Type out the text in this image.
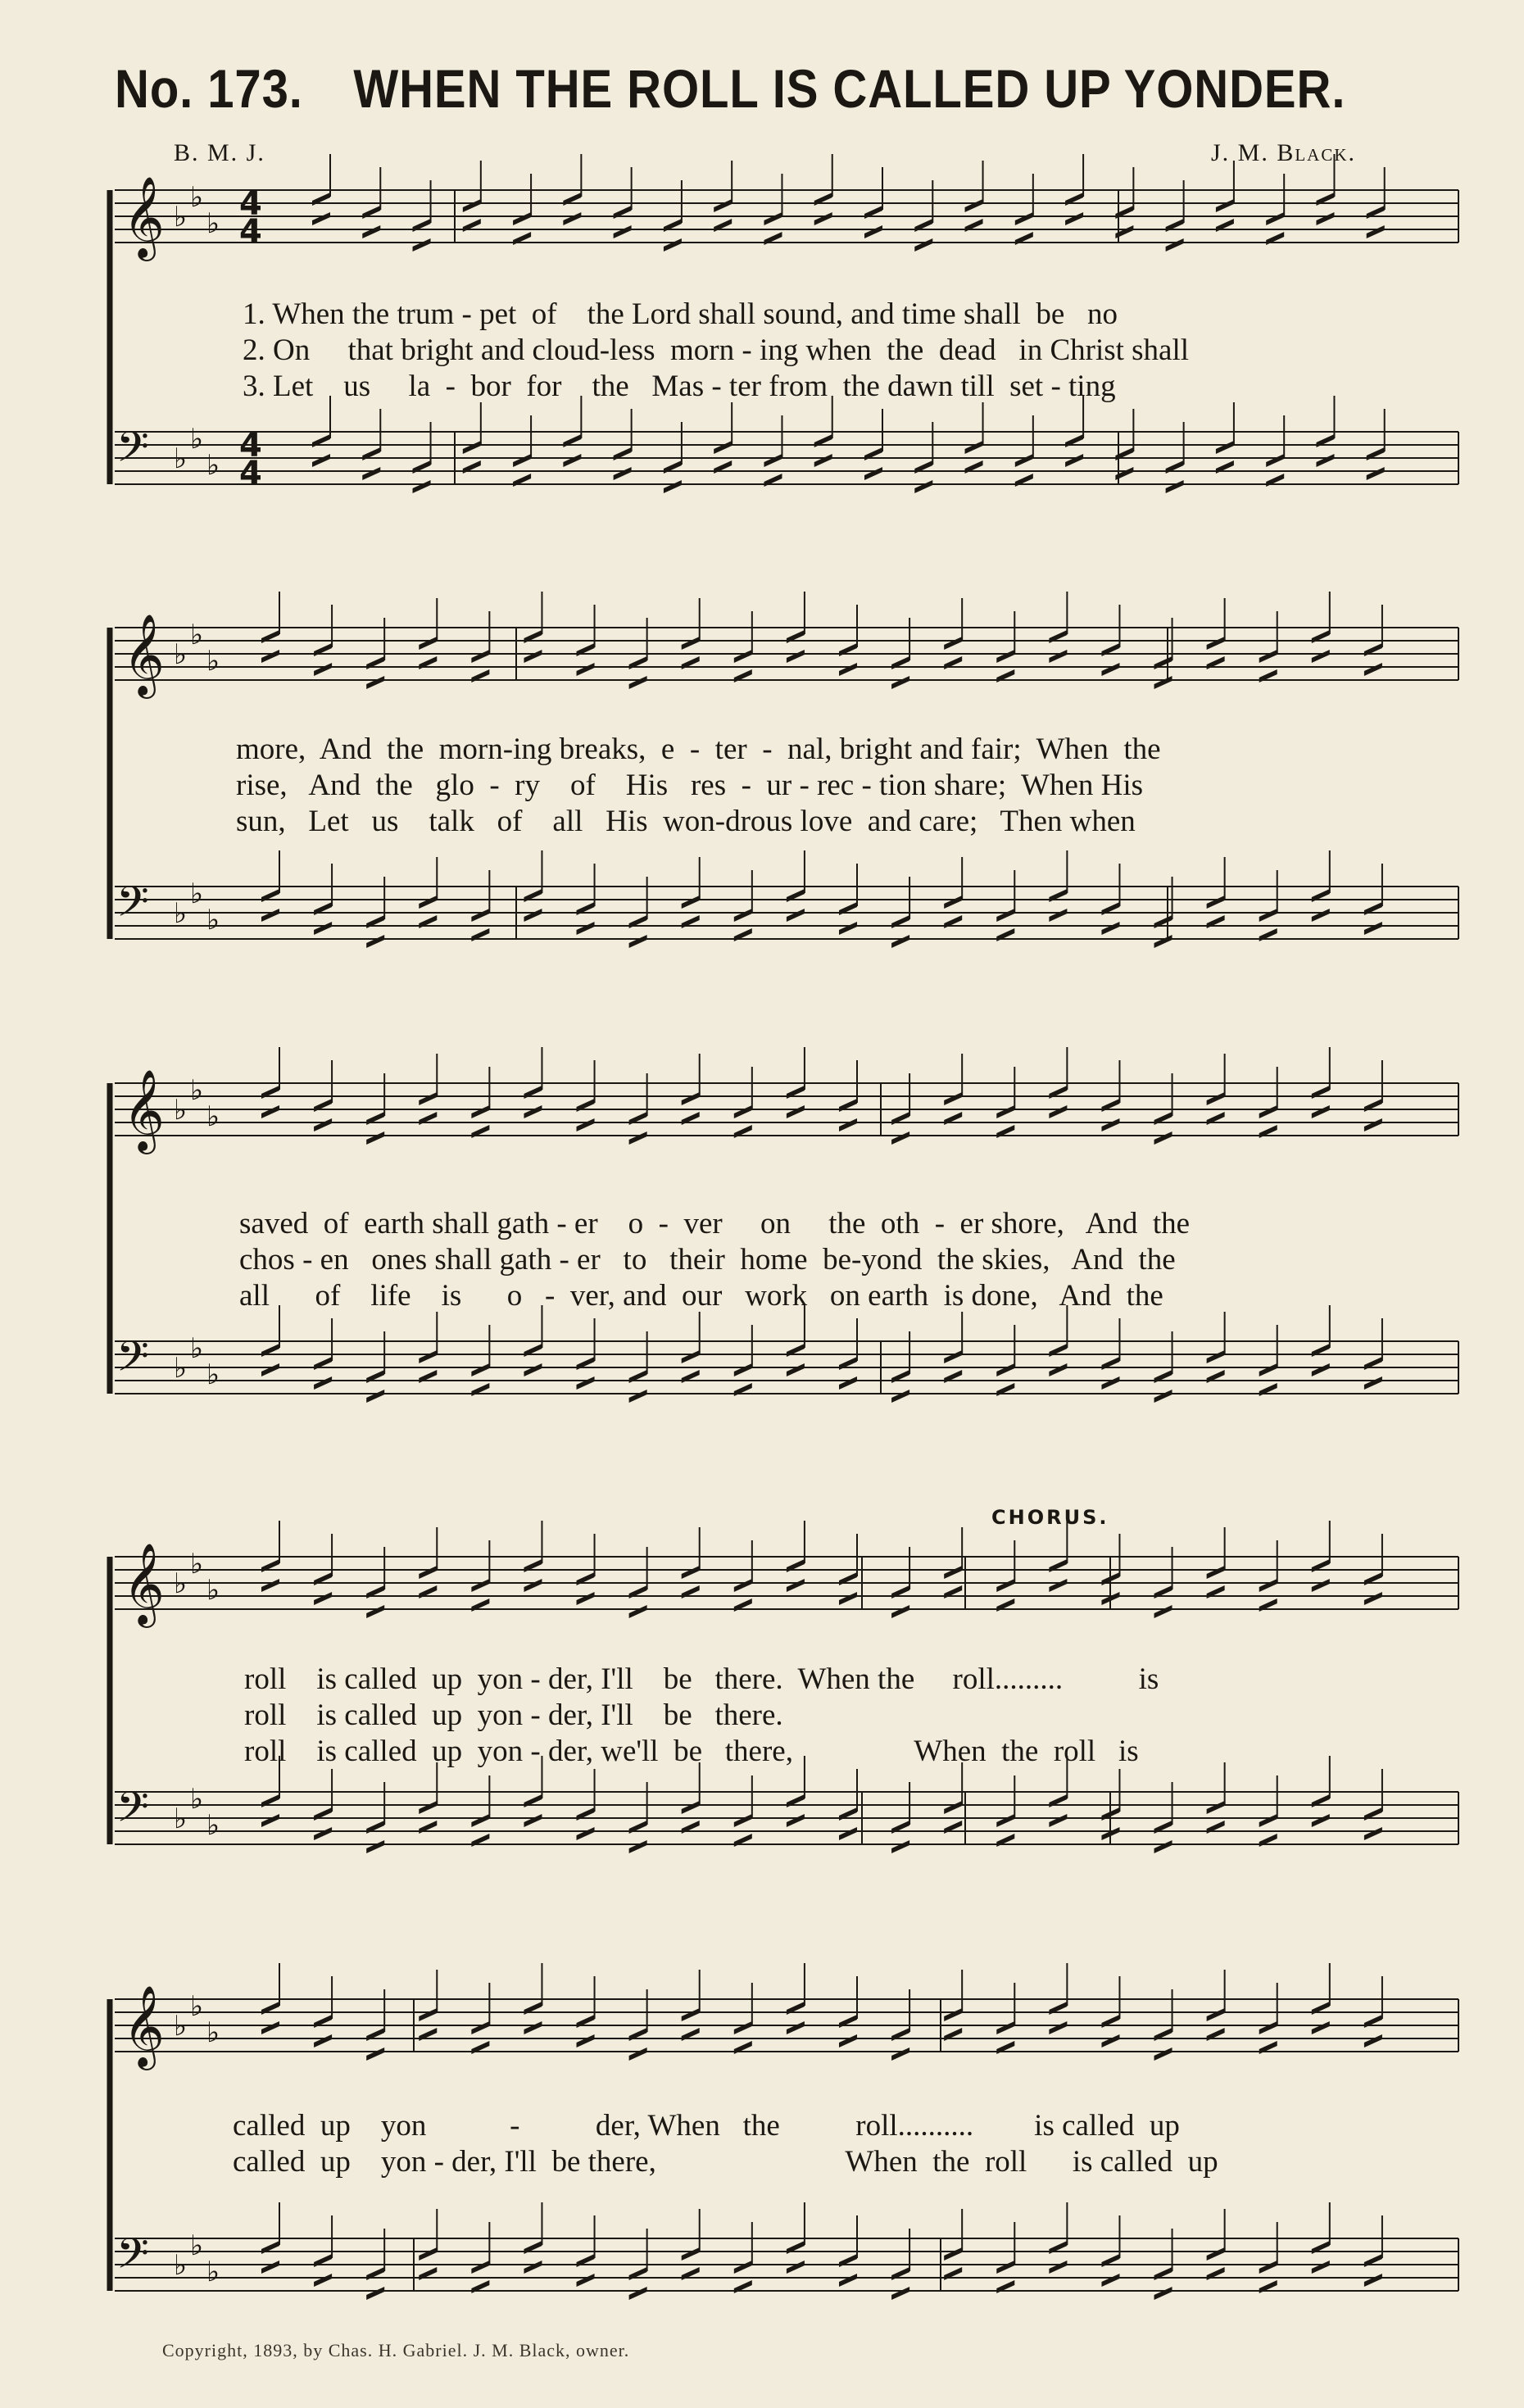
No. 173. WHEN THE ROLL IS CALLED UP YONDER.
B. M. J.	J. M. Black.
𝄞 ♭
♭
♭
𝄢 ♭
♭
♭
𝄞 ♭
♭
♭
𝄢 ♭
♭
♭
𝄞 ♭
♭
♭
𝄢 ♭
♭
♭
𝄞 ♭
♭
♭
𝄢 ♭
♭
♭
𝄞 ♭
♭
♭
𝄢 ♭
♭
♭
4
4
4
4
CHORUS.
1. When the trum - pet  of    the Lord shall sound, and time shall  be   no
2. On     that bright and cloud-less  morn - ing when  the  dead   in Christ shall
3. Let    us     la  -  bor  for    the   Mas - ter from  the dawn till  set - ting
more,  And  the  morn-ing breaks,  e  -  ter  -  nal, bright and fair;  When  the
rise,   And  the   glo  -  ry    of    His   res  -  ur - rec - tion share;  When His
sun,   Let   us    talk   of    all   His  won-drous love  and care;   Then when
saved  of  earth shall gath - er    o  -  ver     on     the  oth  -  er shore,   And  the
chos - en   ones shall gath - er   to   their  home  be-yond  the skies,   And  the
all      of    life    is      o   -  ver, and  our   work   on earth  is done,   And  the
roll    is called  up  yon - der, I'll    be   there.  When the     roll.........          is
roll    is called  up  yon - der, I'll    be   there.
roll    is called  up  yon - der, we'll  be   there,                When  the  roll   is
called  up    yon           -          der, When   the          roll..........        is called  up
called  up    yon - der, I'll  be there,                         When  the  roll      is called  up
Copyright, 1893, by Chas. H. Gabriel. J. M. Black, owner.
